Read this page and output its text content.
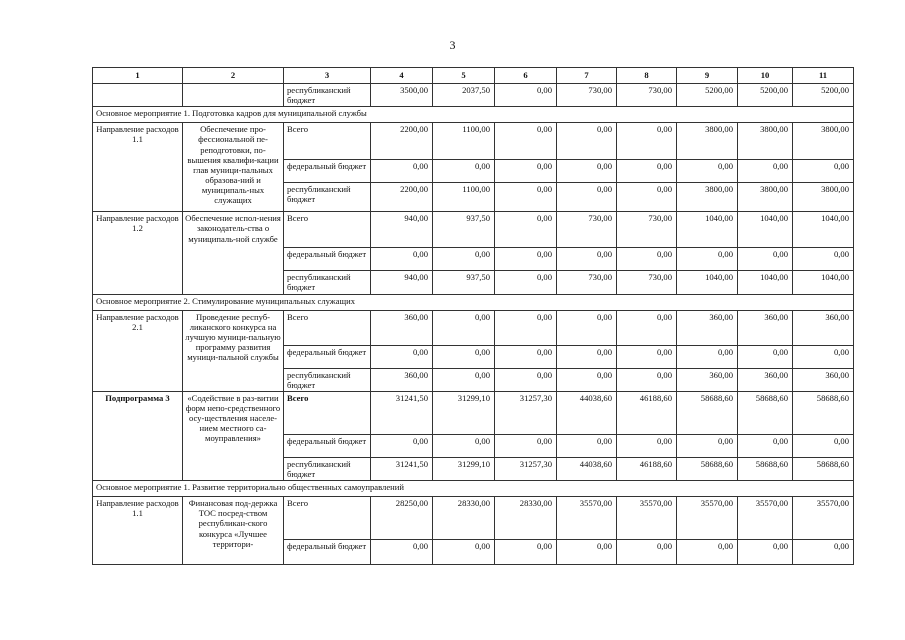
3
1	2	3	4	5	6	7	8	9	10	11
		республиканский бюджет	3500,00	2037,50	0,00	730,00	730,00	5200,00	5200,00	5200,00
Основное мероприятие 1. Подготовка кадров для муниципальной службы										
Направление расходов 1.1	Обеспечение про-фессиональной пе-реподготовки, по-вышения квалифи-кации глав муници-пальных образова-ний и муниципаль-ных служащих	Всего	2200,00	1100,00	0,00	0,00	0,00	3800,00	3800,00	3800,00
		федеральный бюджет	0,00	0,00	0,00	0,00	0,00	0,00	0,00	0,00
		республиканский бюджет	2200,00	1100,00	0,00	0,00	0,00	3800,00	3800,00	3800,00
Направление расходов 1.2	Обеспечение испол-нения законодатель-ства о муниципаль-ной службе	Всего	940,00	937,50	0,00	730,00	730,00	1040,00	1040,00	1040,00
		федеральный бюджет	0,00	0,00	0,00	0,00	0,00	0,00	0,00	0,00
		республиканский бюджет	940,00	937,50	0,00	730,00	730,00	1040,00	1040,00	1040,00
Основное мероприятие 2. Стимулирование муниципальных служащих										
Направление расходов 2.1	Проведение респуб-ликанского конкурса на лучшую муници-пальную программу развития муници-пальной службы	Всего	360,00	0,00	0,00	0,00	0,00	360,00	360,00	360,00
		федеральный бюджет	0,00	0,00	0,00	0,00	0,00	0,00	0,00	0,00
		республиканский бюджет	360,00	0,00	0,00	0,00	0,00	360,00	360,00	360,00
Подпрограмма 3	«Содействие в раз-витии форм непо-средственного осу-ществления населе-нием местного са-моуправления»	Всего	31241,50	31299,10	31257,30	44038,60	46188,60	58688,60	58688,60	58688,60
		федеральный бюджет	0,00	0,00	0,00	0,00	0,00	0,00	0,00	0,00
		республиканский бюджет	31241,50	31299,10	31257,30	44038,60	46188,60	58688,60	58688,60	58688,60
Основное мероприятие 1. Развитие территориально общественных самоуправлений										
Направление расходов 1.1	Финансовая под-держка ТОС посред-ством республикан-ского конкурса «Лучшее территори-	Всего	28250,00	28330,00	28330,00	35570,00	35570,00	35570,00	35570,00	35570,00
		федеральный бюджет	0,00	0,00	0,00	0,00	0,00	0,00	0,00	0,00
